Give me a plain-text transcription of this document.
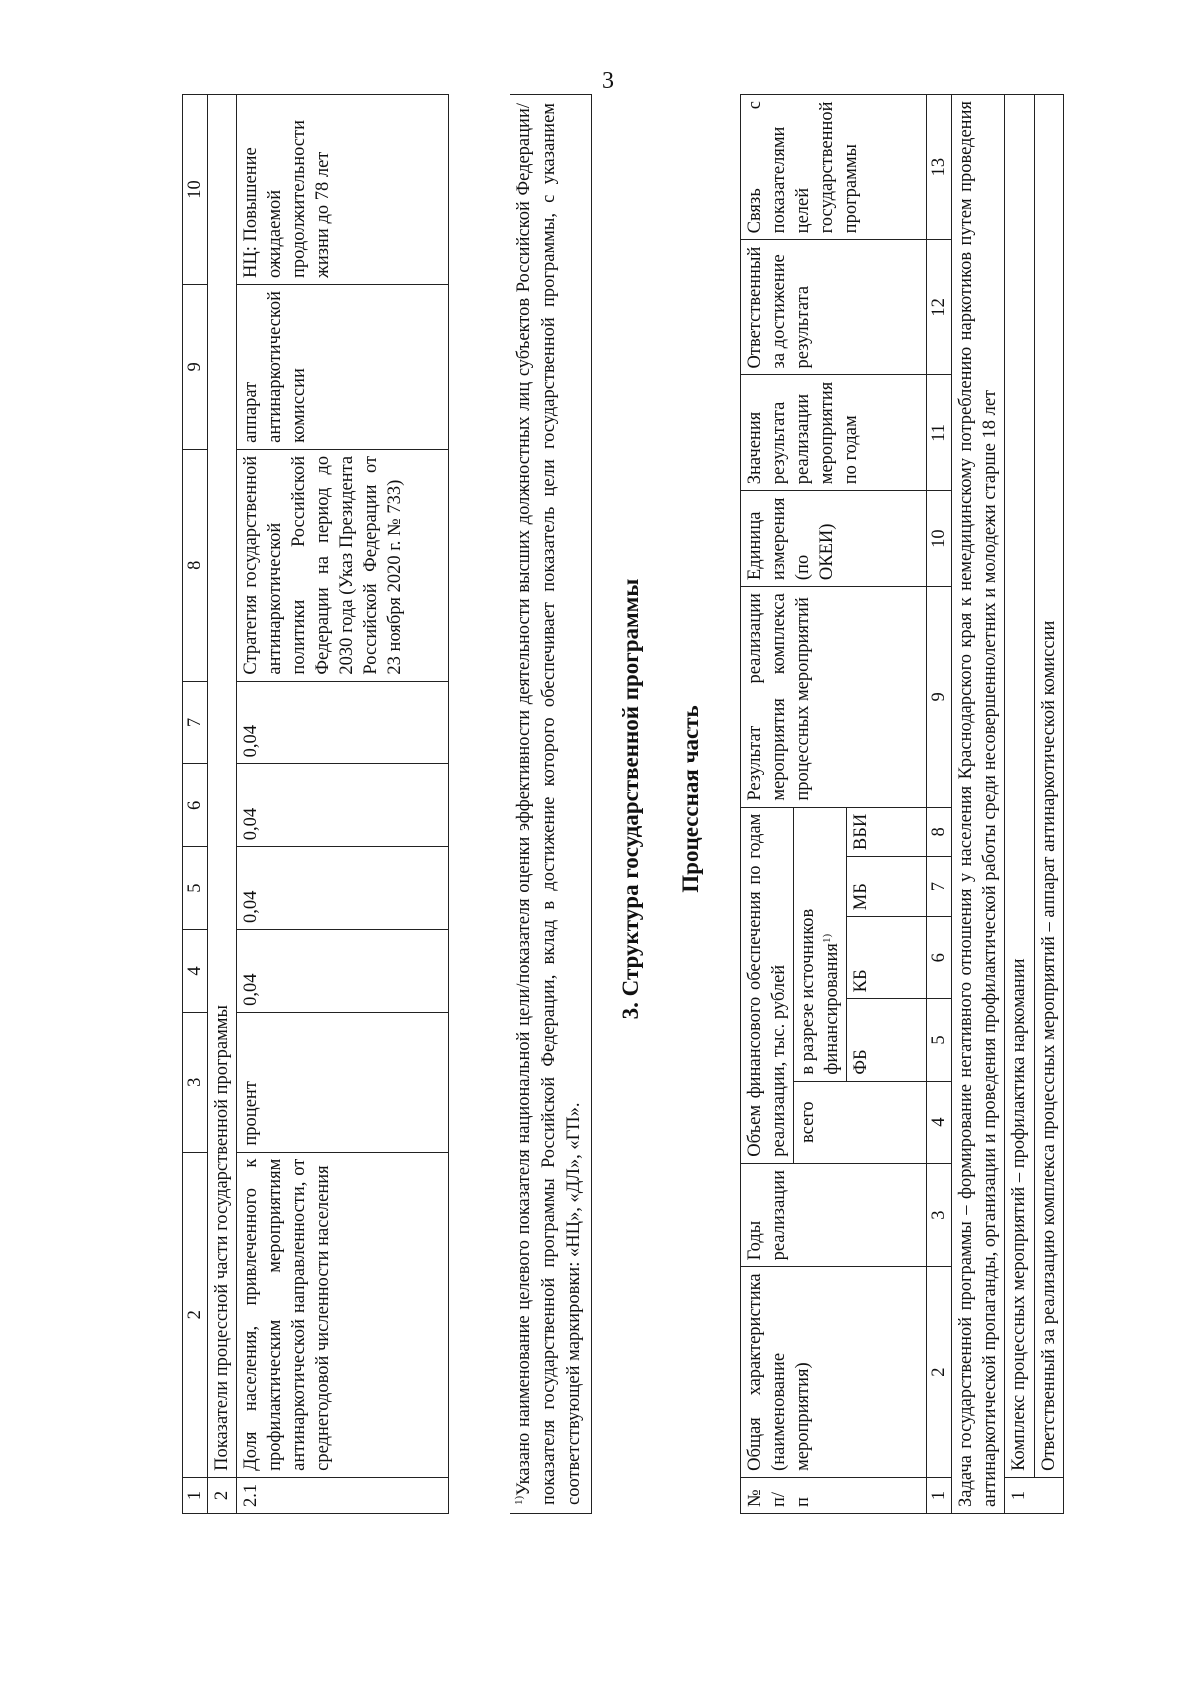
3
1	2	3	4	5	6	7	8	9	10
2	Показатели процессной части государственной программы								
2.1	Доля населения, привлеченного к профилактическим мероприятиям антинаркотической направленности, от среднегодовой численности населения	процент	0,04	0,04	0,04	0,04	Стратегия государственной антинаркотической политики Российской Федерации на период до 2030 года (Указ Президента Российской Федерации от 23 ноября 2020 г. № 733)	аппарат антинаркотической комиссии	НЦ: Повышение ожидаемой продолжительности жизни до 78 лет

$^{1)}$Указано наименование целевого показателя национальной цели/показателя оценки эффективности деятельности высших должностных лиц субъектов Российской Федерации/показателя государственной программы Российской Федерации, вклад в достижение которого обеспечивает показатель цели государственной программы, с указанием соответствующей маркировки: «НЦ», «ДЛ», «ГП».

3. Структура государственной программы Процессная часть
№ п/п	Общая характеристика (наименование мероприятия)	Годы реализации	Объем финансового обеспечения по годам реализации, тыс. рублей					Результат реализации мероприятия комплекса процессных мероприятий	Единица измерения (по ОКЕИ)	Значения результата реализации мероприятия по годам	Ответственный за достижение результата	Связь с показателями целей государственной программы
			всего	в разрезе источников финансирования$^{1)}$
				ФБ	КБ	МБ	ВБИ					
1	2	3	4	5	6	7	8	9	10	11	12	13
Задача государственной программы – формирование негативного отношения у населения Краснодарского края к немедицинскому потреблению наркотиков путем проведения антинаркотической пропаганды, организации и проведения профилактической работы среди несовершеннолетних и молодежи старше 18 лет												
1	Комплекс процессных мероприятий – профилактика наркомании											
	Ответственный за реализацию комплекса процессных мероприятий – аппарат антинаркотической комиссии											
